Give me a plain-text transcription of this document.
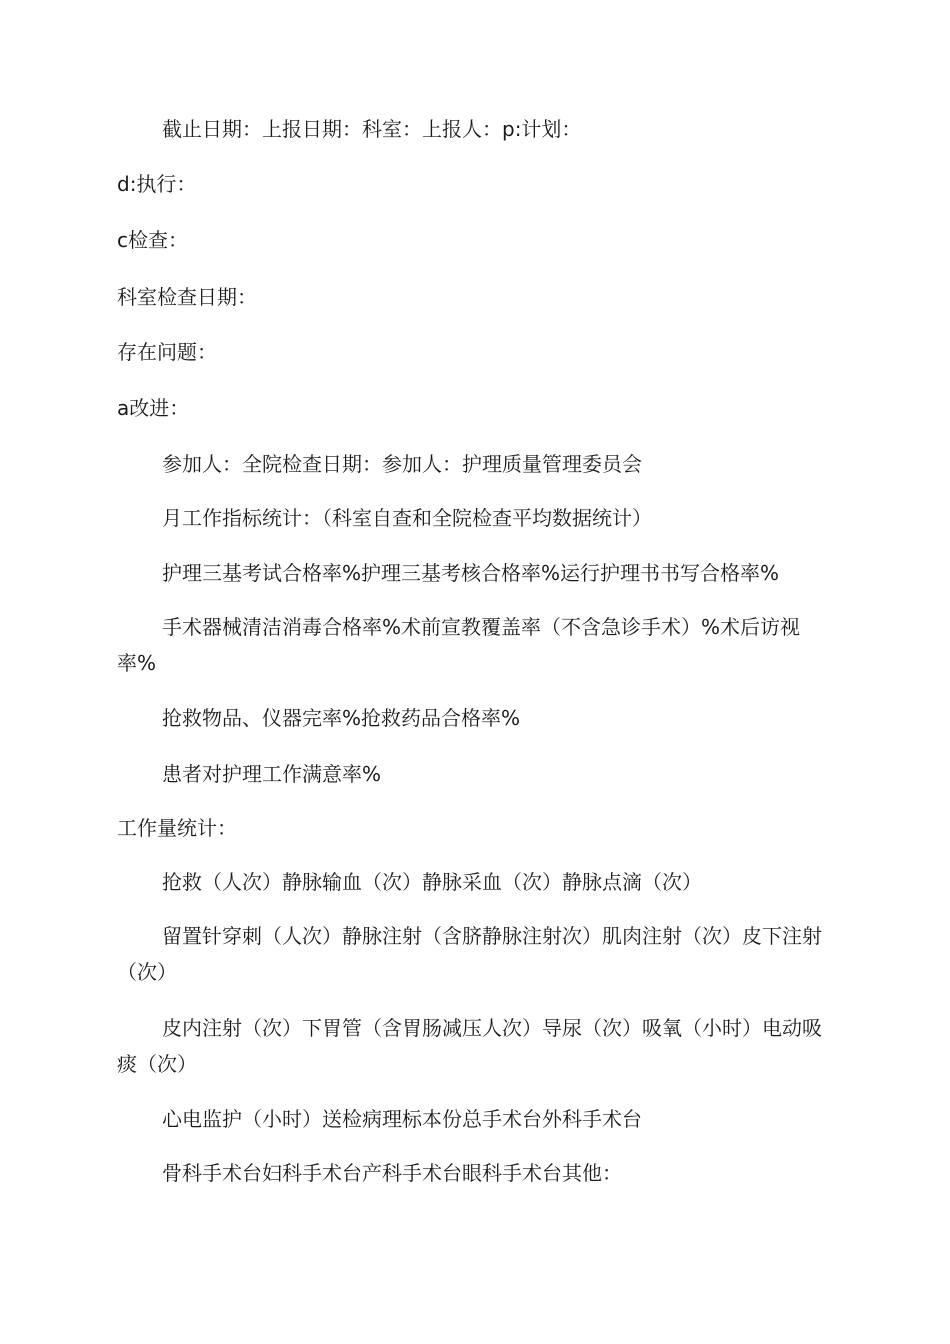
截止日期：上报日期：科室：上报人：p:计划：
d:执行：
c检查：
科室检查日期：
存在问题：
a改进：
参加人：全院检查日期：参加人：护理质量管理委员会
月工作指标统计：（科室自查和全院检查平均数据统计）
护理三基考试合格率%护理三基考核合格率%运行护理书书写合格率%
手术器械清洁消毒合格率%术前宣教覆盖率（不含急诊手术）%术后访视率%
抢救物品、仪器完率%抢救药品合格率%
患者对护理工作满意率%
工作量统计：
抢救（人次）静脉输血（次）静脉采血（次）静脉点滴（次）
留置针穿刺（人次）静脉注射（含脐静脉注射次）肌肉注射（次）皮下注射（次）
皮内注射（次）下胃管（含胃肠减压人次）导尿（次）吸氧（小时）电动吸痰（次）
心电监护（小时）送检病理标本份总手术台外科手术台
骨科手术台妇科手术台产科手术台眼科手术台其他：
